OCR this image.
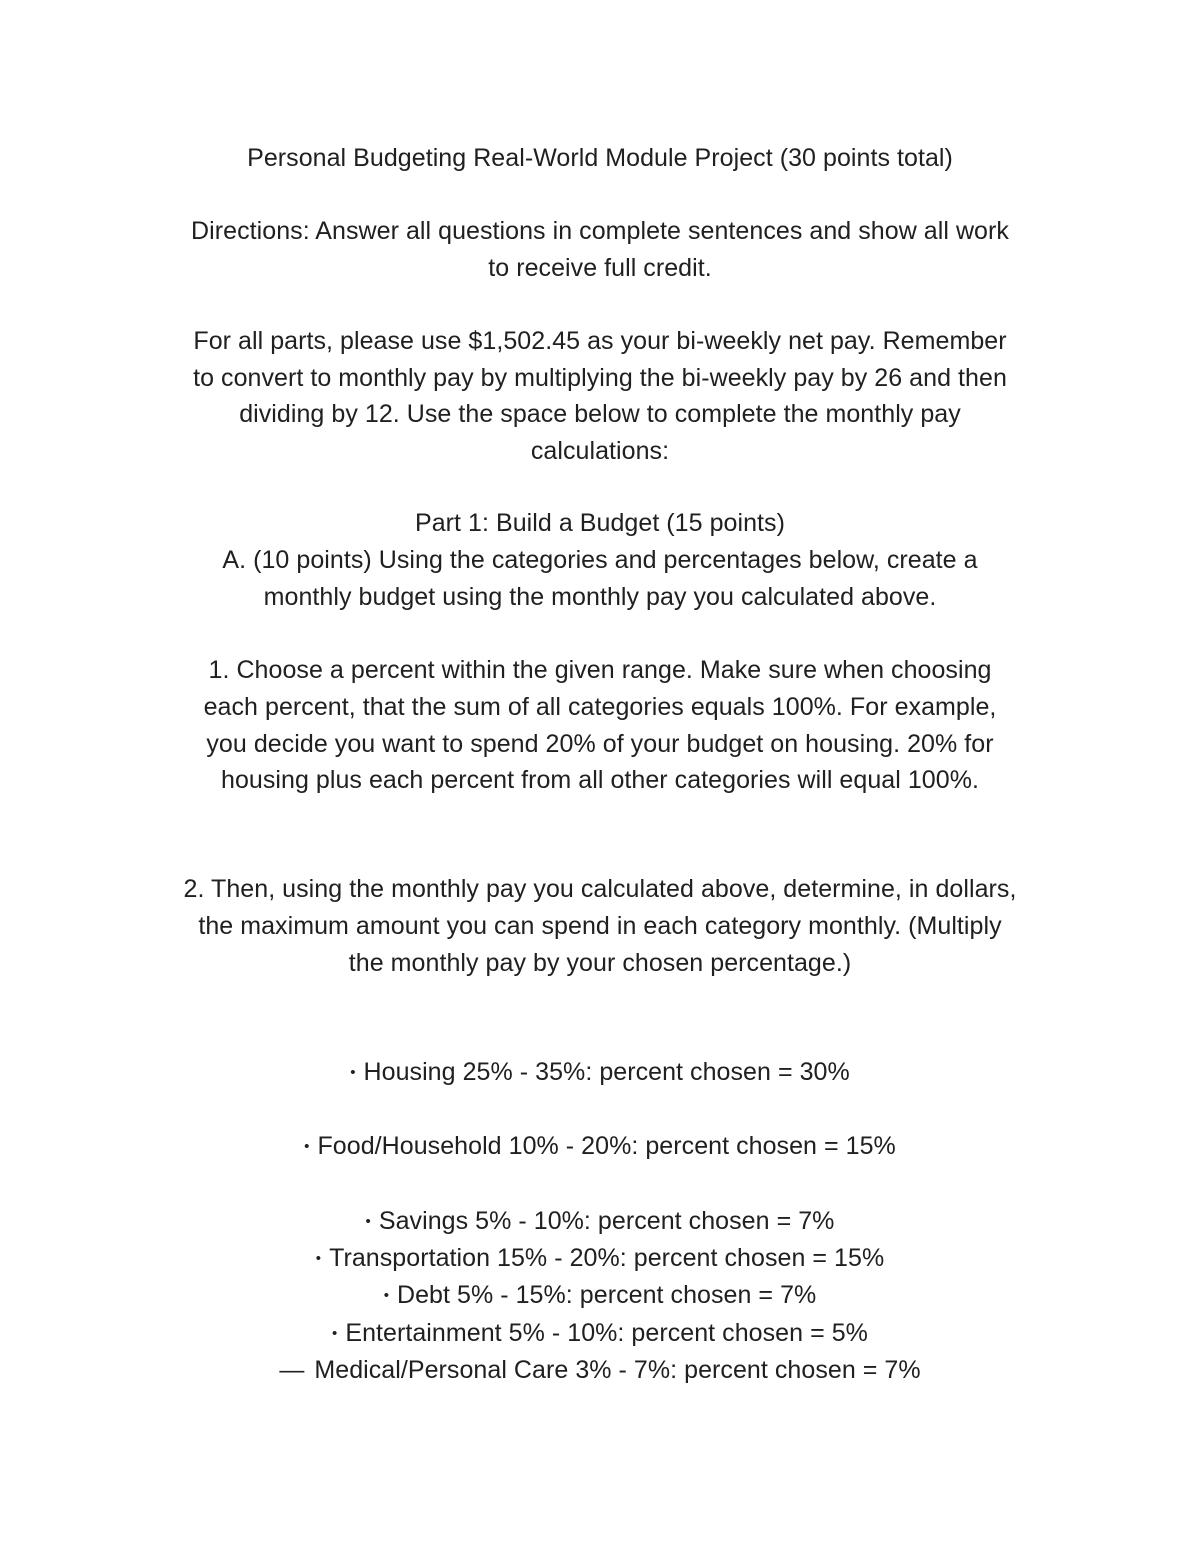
Personal Budgeting Real-World Module Project (30 points total)
Directions: Answer all questions in complete sentences and show all work
to receive full credit.
For all parts, please use $1,502.45 as your bi-weekly net pay. Remember
to convert to monthly pay by multiplying the bi-weekly pay by 26 and then
dividing by 12. Use the space below to complete the monthly pay
calculations:
Part 1: Build a Budget (15 points)
A. (10 points) Using the categories and percentages below, create a
monthly budget using the monthly pay you calculated above.
1. Choose a percent within the given range. Make sure when choosing
each percent, that the sum of all categories equals 100%. For example,
you decide you want to spend 20% of your budget on housing. 20% for
housing plus each percent from all other categories will equal 100%.
2. Then, using the monthly pay you calculated above, determine, in dollars,
the maximum amount you can spend in each category monthly. (Multiply
the monthly pay by your chosen percentage.)
• Housing 25% - 35%: percent chosen = 30%
• Food/Household 10% - 20%: percent chosen = 15%
• Savings 5% - 10%: percent chosen = 7%
• Transportation 15% - 20%: percent chosen = 15%
• Debt 5% - 15%: percent chosen = 7%
• Entertainment 5% - 10%: percent chosen = 5%
— Medical/Personal Care 3% - 7%: percent chosen = 7%
